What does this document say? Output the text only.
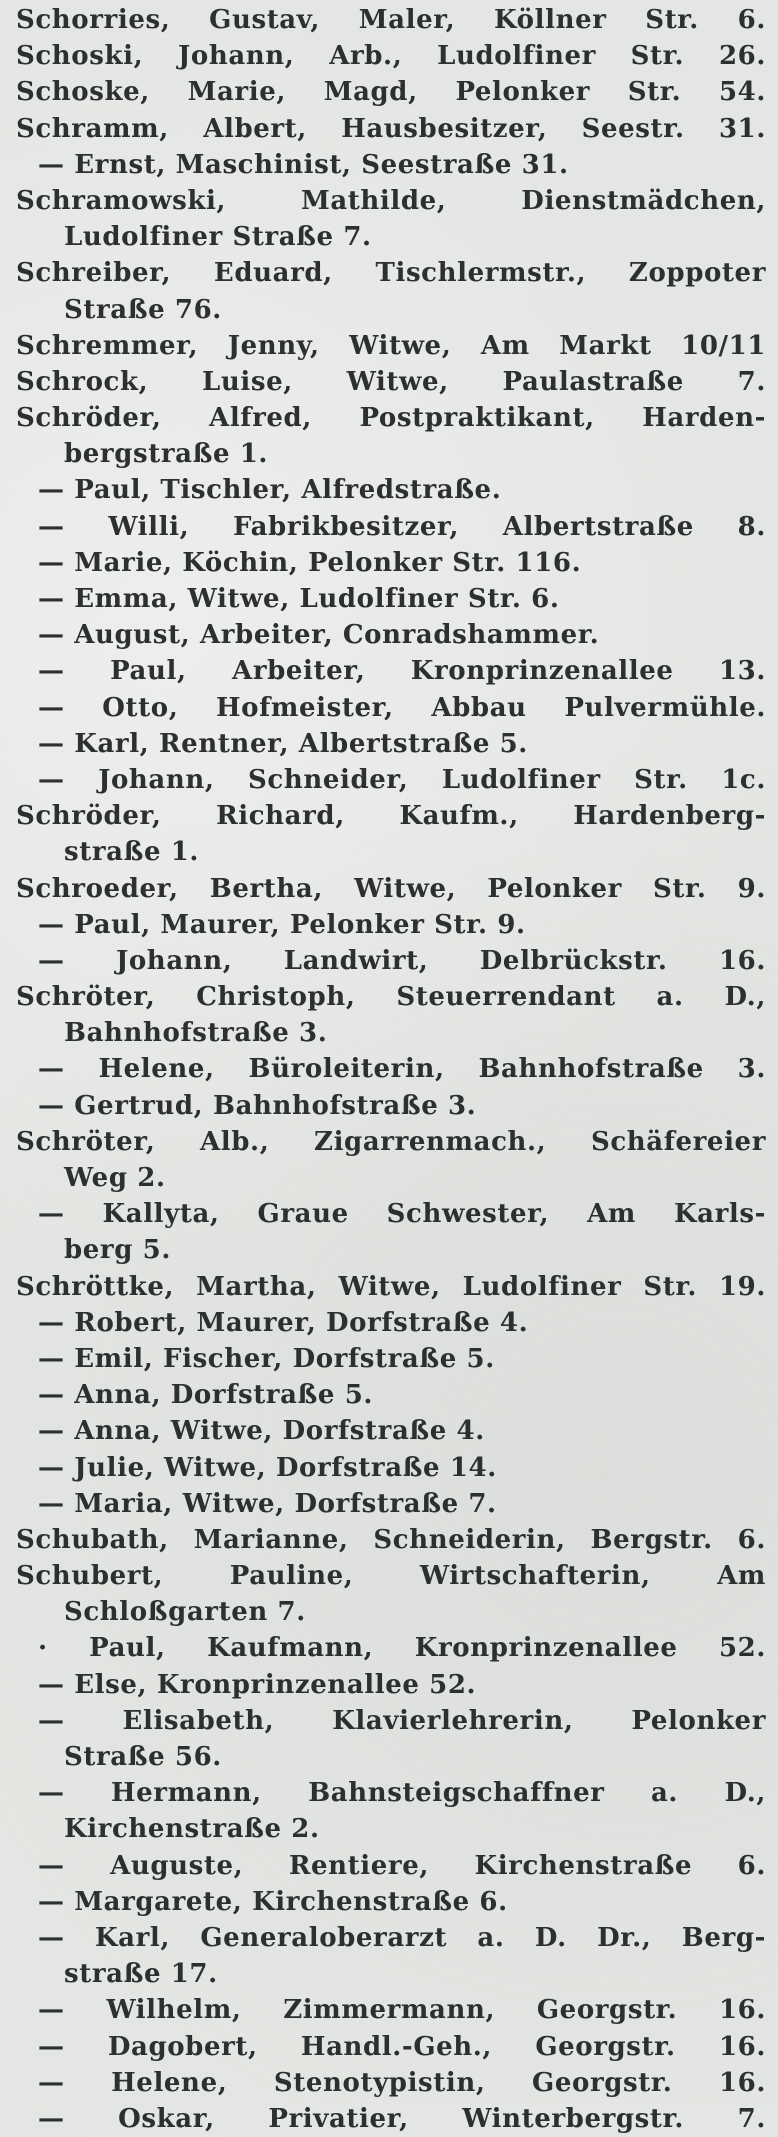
Schorries, Gustav, Maler, Köllner Str. 6.
Schoski, Johann, Arb., Ludolfiner Str. 26.
Schoske, Marie, Magd, Pelonker Str. 54.
Schramm, Albert, Hausbesitzer, Seestr. 31.
— Ernst, Maschinist, Seestraße 31.
Schramowski, Mathilde, Dienstmädchen,
Ludolfiner Straße 7.
Schreiber, Eduard, Tischlermstr., Zoppoter
Straße 76.
Schremmer, Jenny, Witwe, Am Markt 10/11
Schrock, Luise, Witwe, Paulastraße 7.
Schröder, Alfred, Postpraktikant, Harden-
bergstraße 1.
— Paul, Tischler, Alfredstraße.
— Willi, Fabrikbesitzer, Albertstraße 8.
— Marie, Köchin, Pelonker Str. 116.
— Emma, Witwe, Ludolfiner Str. 6.
— August, Arbeiter, Conradshammer.
— Paul, Arbeiter, Kronprinzenallee 13.
— Otto, Hofmeister, Abbau Pulvermühle.
— Karl, Rentner, Albertstraße 5.
— Johann, Schneider, Ludolfiner Str. 1c.
Schröder, Richard, Kaufm., Hardenberg-
straße 1.
Schroeder, Bertha, Witwe, Pelonker Str. 9.
— Paul, Maurer, Pelonker Str. 9.
— Johann, Landwirt, Delbrückstr. 16.
Schröter, Christoph, Steuerrendant a. D.,
Bahnhofstraße 3.
— Helene, Büroleiterin, Bahnhofstraße 3.
— Gertrud, Bahnhofstraße 3.
Schröter, Alb., Zigarrenmach., Schäfereier
Weg 2.
— Kallyta, Graue Schwester, Am Karls-
berg 5.
Schröttke, Martha, Witwe, Ludolfiner Str. 19.
— Robert, Maurer, Dorfstraße 4.
— Emil, Fischer, Dorfstraße 5.
— Anna, Dorfstraße 5.
— Anna, Witwe, Dorfstraße 4.
— Julie, Witwe, Dorfstraße 14.
— Maria, Witwe, Dorfstraße 7.
Schubath, Marianne, Schneiderin, Bergstr. 6.
Schubert, Pauline, Wirtschafterin, Am
Schloßgarten 7.
· Paul, Kaufmann, Kronprinzenallee 52.
— Else, Kronprinzenallee 52.
— Elisabeth, Klavierlehrerin, Pelonker
Straße 56.
— Hermann, Bahnsteigschaffner a. D.,
Kirchenstraße 2.
— Auguste, Rentiere, Kirchenstraße 6.
— Margarete, Kirchenstraße 6.
— Karl, Generaloberarzt a. D. Dr., Berg-
straße 17.
— Wilhelm, Zimmermann, Georgstr. 16.
— Dagobert, Handl.-Geh., Georgstr. 16.
— Helene, Stenotypistin, Georgstr. 16.
— Oskar, Privatier, Winterbergstr. 7.
